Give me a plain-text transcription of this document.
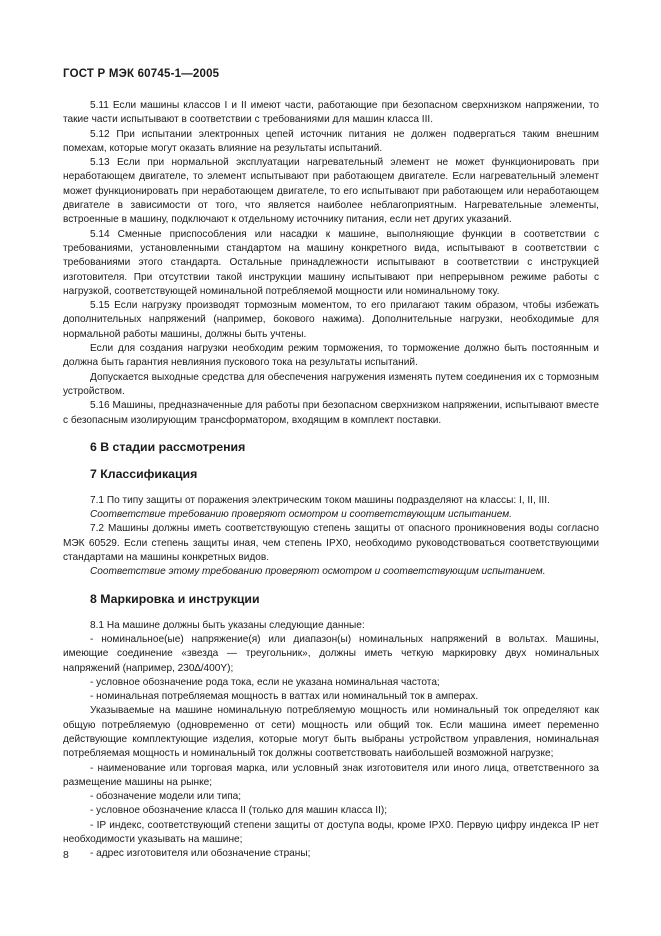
ГОСТ Р МЭК 60745-1—2005

5.11 Если машины классов I и II имеют части, работающие при безопасном сверхнизком напряжении, то такие части испытывают в соответствии с требованиями для машин класса III.

5.12 При испытании электронных цепей источник питания не должен подвергаться таким внешним помехам, которые могут оказать влияние на результаты испытаний.

5.13 Если при нормальной эксплуатации нагревательный элемент не может функционировать при неработающем двигателе, то элемент испытывают при работающем двигателе. Если нагревательный элемент может функционировать при неработающем двигателе, то его испытывают при работающем или неработающем двигателе в зависимости от того, что является наиболее неблагоприятным. Нагревательные элементы, встроенные в машину, подключают к отдельному источнику питания, если нет других указаний.

5.14 Сменные приспособления или насадки к машине, выполняющие функции в соответствии с требованиями, установленными стандартом на машину конкретного вида, испытывают в соответствии с требованиями этого стандарта. Остальные принадлежности испытывают в соответствии с инструкцией изготовителя. При отсутствии такой инструкции машину испытывают при непрерывном режиме работы с нагрузкой, соответствующей номинальной потребляемой мощности или номинальному току.

5.15 Если нагрузку производят тормозным моментом, то его прилагают таким образом, чтобы избежать дополнительных напряжений (например, бокового нажима). Дополнительные нагрузки, необходимые для нормальной работы машины, должны быть учтены.

Если для создания нагрузки необходим режим торможения, то торможение должно быть постоянным и должна быть гарантия невлияния пускового тока на результаты испытаний.

Допускается выходные средства для обеспечения нагружения изменять путем соединения их с тормозным устройством.

5.16 Машины, предназначенные для работы при безопасном сверхнизком напряжении, испытывают вместе с безопасным изолирующим трансформатором, входящим в комплект поставки.

6 В стадии рассмотрения
7 Классификация

7.1 По типу защиты от поражения электрическим током машины подразделяют на классы: I, II, III.

Соответствие требованию проверяют осмотром и соответствующим испытанием.

7.2 Машины должны иметь соответствующую степень защиты от опасного проникновения воды согласно МЭК 60529. Если степень защиты иная, чем степень IPX0, необходимо руководствоваться соответствующими стандартами на машины конкретных видов.

Соответствие этому требованию проверяют осмотром и соответствующим испытанием.

8 Маркировка и инструкции

8.1 На машине должны быть указаны следующие данные:

- номинальное(ые) напряжение(я) или диапазон(ы) номинальных напряжений в вольтах. Машины, имеющие соединение «звезда — треугольник», должны иметь четкую маркировку двух номинальных напряжений (например, 230∆/400Y);

- условное обозначение рода тока, если не указана номинальная частота;

- номинальная потребляемая мощность в ваттах или номинальный ток в амперах.

Указываемые на машине номинальную потребляемую мощность или номинальный ток определяют как общую потребляемую (одновременно от сети) мощность или общий ток. Если машина имеет переменно действующие комплектующие изделия, которые могут быть выбраны устройством управления, номинальная потребляемая мощность и номинальный ток должны соответствовать наибольшей возможной нагрузке;

- наименование или торговая марка, или условный знак изготовителя или иного лица, ответственного за размещение машины на рынке;

- обозначение модели или типа;

- условное обозначение класса II (только для машин класса II);

- IP индекс, соответствующий степени защиты от доступа воды, кроме IPX0. Первую цифру индекса IP нет необходимости указывать на машине;

- адрес изготовителя или обозначение страны;

8
